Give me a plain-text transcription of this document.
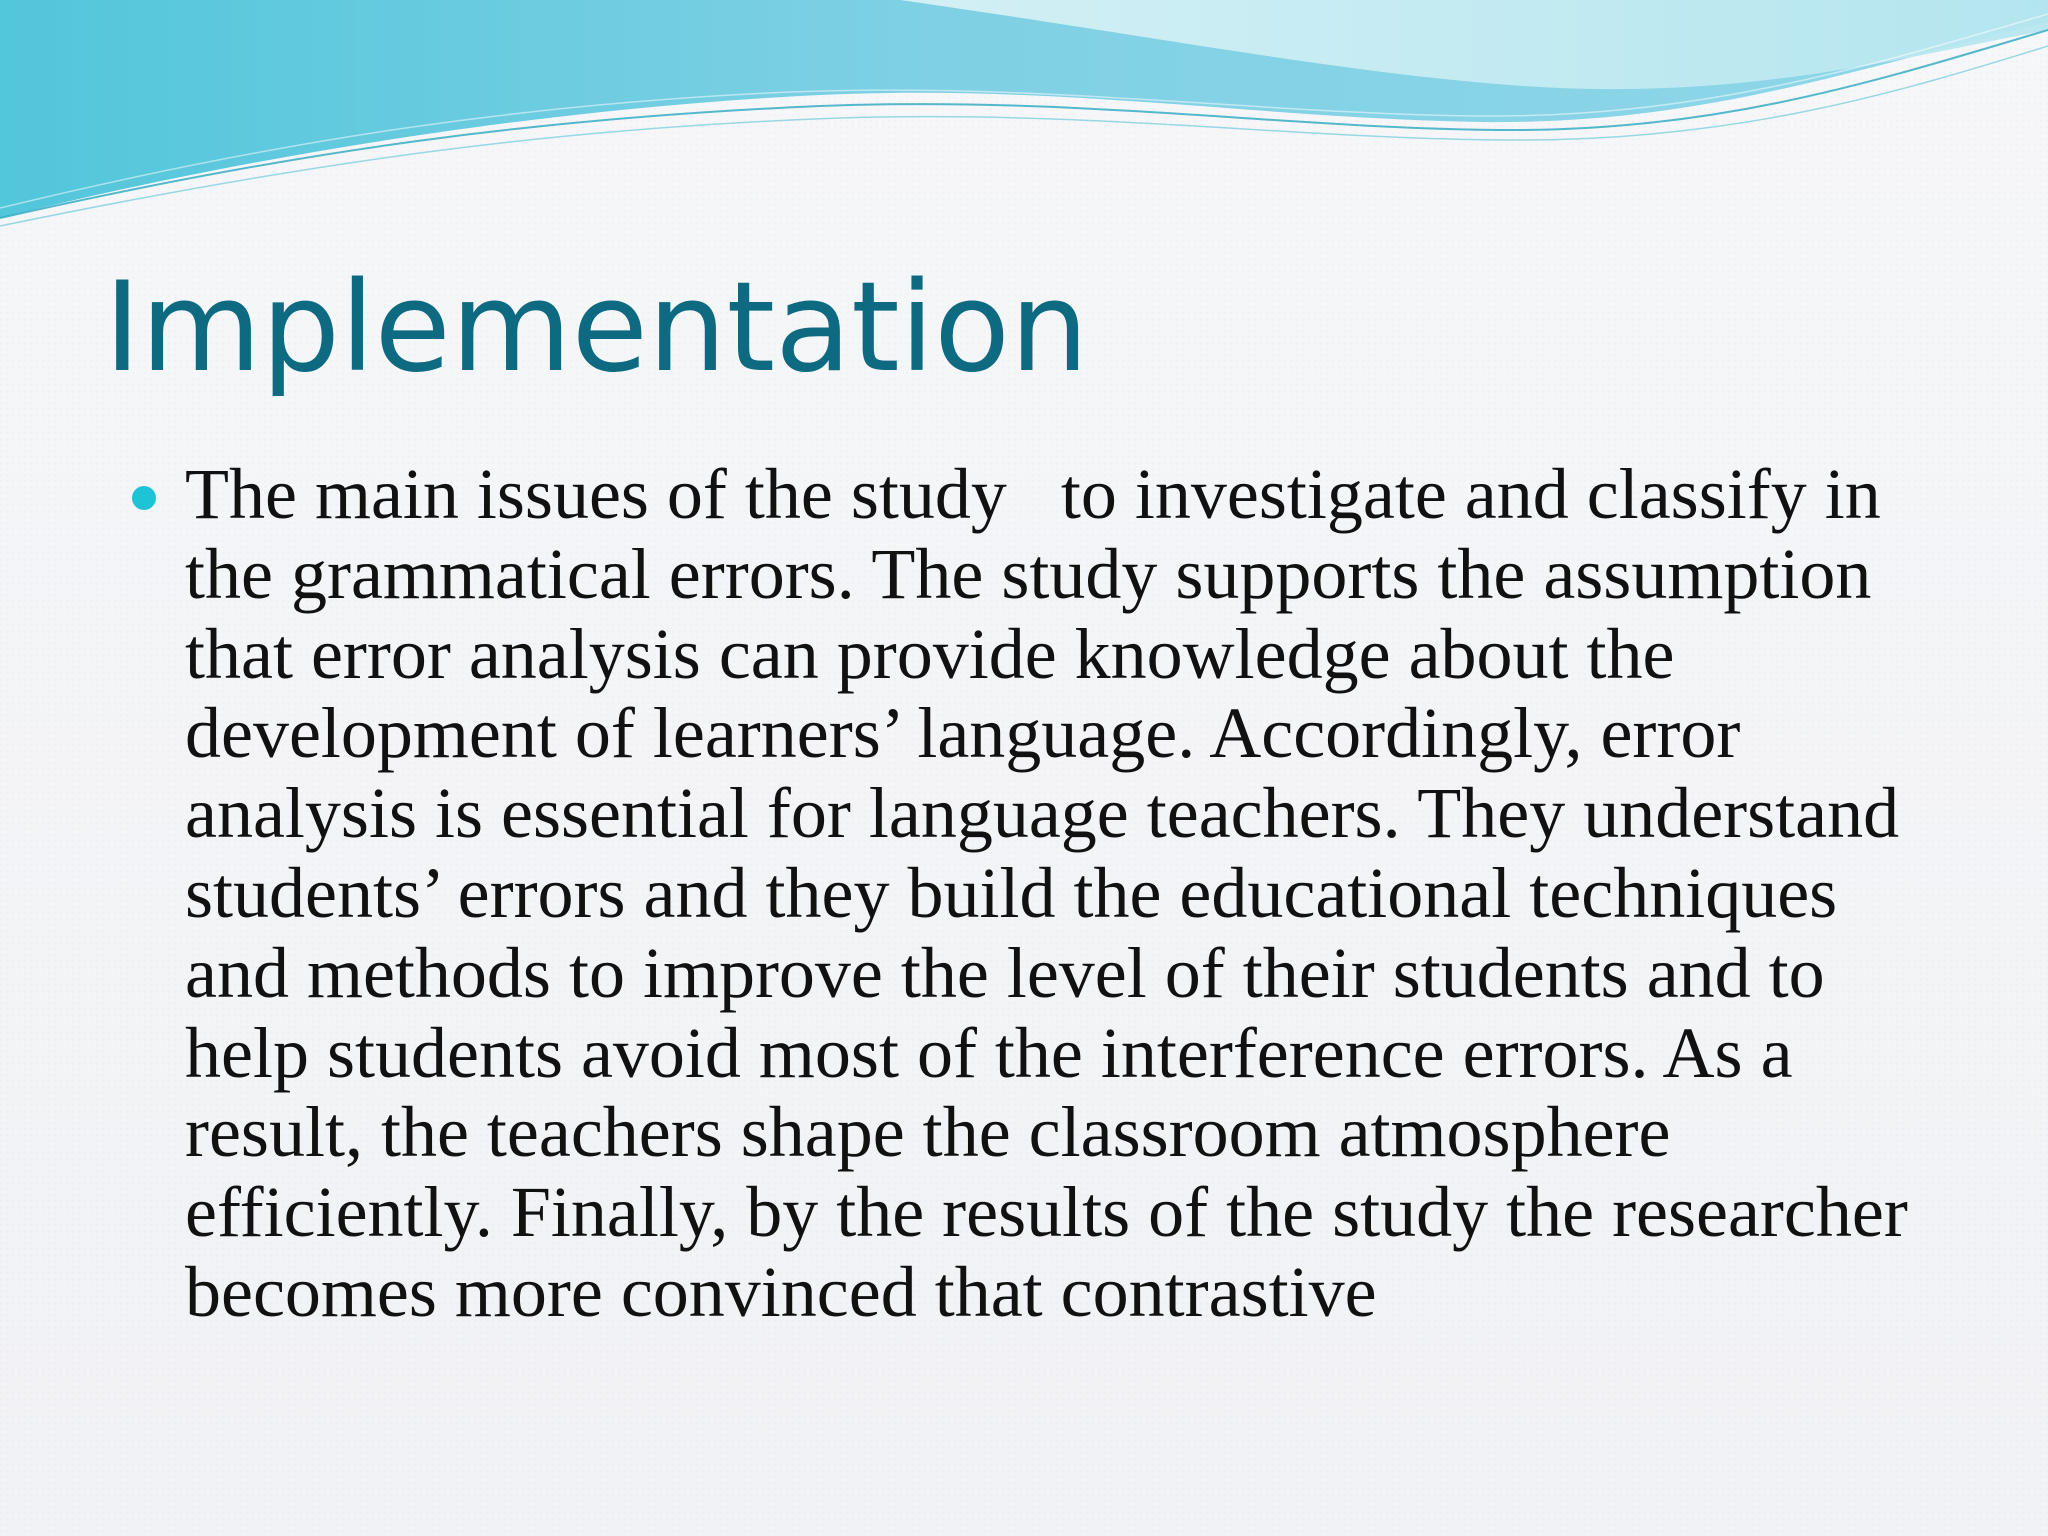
Implementation
The main issues of the study   to investigate and classify in the grammatical errors. The study supports the assumption that error analysis can provide knowledge about the development of learners’ language. Accordingly, error analysis is essential for language teachers. They understand students’ errors and they build the educational techniques and methods to improve the level of their students and to help students avoid most of the interference errors. As a result, the teachers shape the classroom atmosphere efficiently. Finally, by the results of the study the researcher becomes more convinced that contrastive
